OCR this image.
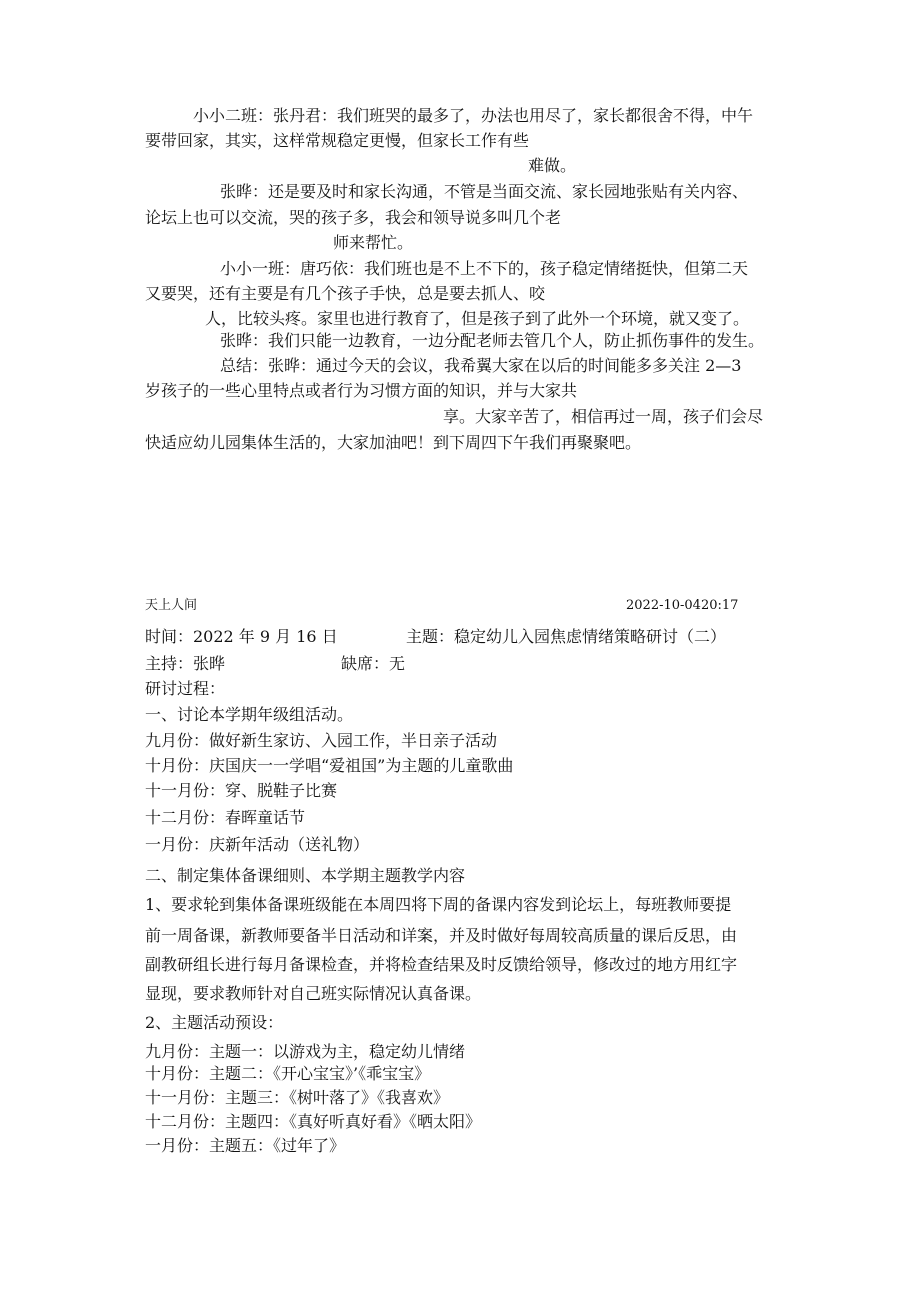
小小二班：张丹君：我们班哭的最多了，办法也用尽了，家长都很舍不得，中午
要带回家，其实，这样常规稳定更慢，但家长工作有些
难做。
张晔：还是要及时和家长沟通，不管是当面交流、家长园地张贴有关内容、
论坛上也可以交流，哭的孩子多，我会和领导说多叫几个老
师来帮忙。
小小一班：唐巧依：我们班也是不上不下的，孩子稳定情绪挺快，但第二天
又要哭，还有主要是有几个孩子手快，总是要去抓人、咬
人，比较头疼。家里也进行教育了，但是孩子到了此外一个环境，就又变了。
张晔：我们只能一边教育，一边分配老师去管几个人，防止抓伤事件的发生。
总结：张晔：通过今天的会议，我希翼大家在以后的时间能多多关注 2—3
岁孩子的一些心里特点或者行为习惯方面的知识，并与大家共
享。大家辛苦了，相信再过一周，孩子们会尽
快适应幼儿园集体生活的，大家加油吧！到下周四下午我们再聚聚吧。
天上人间	2022-10-0420:17
时间：2022 年 9 月 16 日	主题：稳定幼儿入园焦虑情绪策略研讨（二）
主持：张晔	缺席：无
研讨过程：
一、讨论本学期年级组活动。
九月份：做好新生家访、入园工作，半日亲子活动
十月份：庆国庆一一学唱“爱祖国”为主题的儿童歌曲
十一月份：穿、脱鞋子比赛
十二月份：春晖童话节
一月份：庆新年活动（送礼物）
二、制定集体备课细则、本学期主题教学内容
1、要求轮到集体备课班级能在本周四将下周的备课内容发到论坛上，每班教师要提
前一周备课，新教师要备半日活动和详案，并及时做好每周较高质量的课后反思，由
副教研组长进行每月备课检查，并将检查结果及时反馈给领导，修改过的地方用红字
显现，要求教师针对自己班实际情况认真备课。
2、主题活动预设：
九月份：主题一：以游戏为主，稳定幼儿情绪
十月份：主题二：《开心宝宝》’《乖宝宝》
十一月份：主题三：《树叶落了》《我喜欢》
十二月份：主题四：《真好听真好看》《晒太阳》
一月份：主题五：《过年了》
